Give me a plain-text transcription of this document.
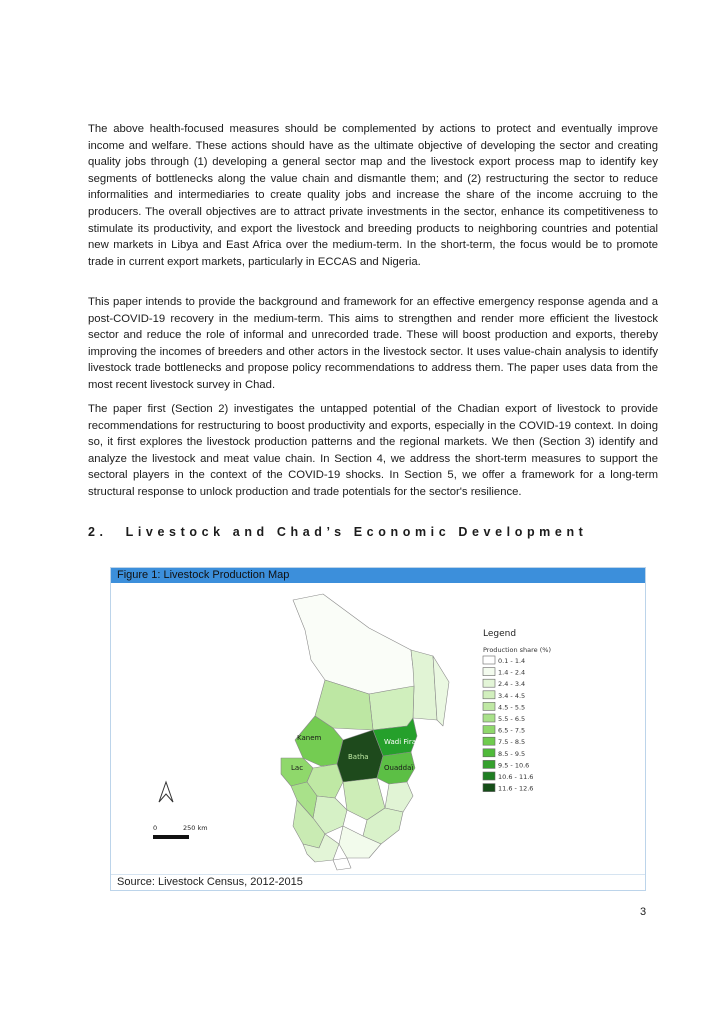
The above health-focused measures should be complemented by actions to protect and eventually improve income and welfare. These actions should have as the ultimate objective of developing the sector and creating quality jobs through (1) developing a general sector map and the livestock export process map to identify key segments of bottlenecks along the value chain and dismantle them; and (2) restructuring the sector to reduce informalities and intermediaries to create quality jobs and increase the share of the income accruing to the producers. The overall objectives are to attract private investments in the sector, enhance its competitiveness to stimulate its productivity, and export the livestock and breeding products to neighboring countries and potential new markets in Libya and East Africa over the medium-term. In the short-term, the focus would be to promote trade in current export markets, particularly in ECCAS and Nigeria.

This paper intends to provide the background and framework for an effective emergency response agenda and a post-COVID-19 recovery in the medium-term. This aims to strengthen and render more efficient the livestock sector and reduce the role of informal and unrecorded trade. These will boost production and exports, thereby improving the incomes of breeders and other actors in the livestock sector. It uses value-chain analysis to identify livestock trade bottlenecks and propose policy recommendations to address them. The paper uses data from the most recent livestock survey in Chad.

The paper first (Section 2) investigates the untapped potential of the Chadian export of livestock to provide recommendations for restructuring to boost productivity and exports, especially in the COVID-19 context. In doing so, it first explores the livestock production patterns and the regional markets. We then (Section 3) identify and analyze the livestock and meat value chain. In Section 4, we address the short-term measures to support the sectoral players in the context of the COVID-19 shocks. In Section 5, we offer a framework for a long-term structural response to unlock production and trade potentials for the sector's resilience.

2. Livestock and Chad’s Economic Development
Figure 1: Livestock Production Map
Kanem	Wadi Fira
Batha
Lac	Ouaddaï
Legend
Production share (%)
0.1 - 1.4
1.4 - 2.4
2.4 - 3.4
3.4 - 4.5
4.5 - 5.5
5.5 - 6.5
6.5 - 7.5
7.5 - 8.5
8.5 - 9.5
9.5 - 10.6
10.6 - 11.6
11.6 - 12.6
0	250 km
Source: Livestock Census, 2012-2015
3
